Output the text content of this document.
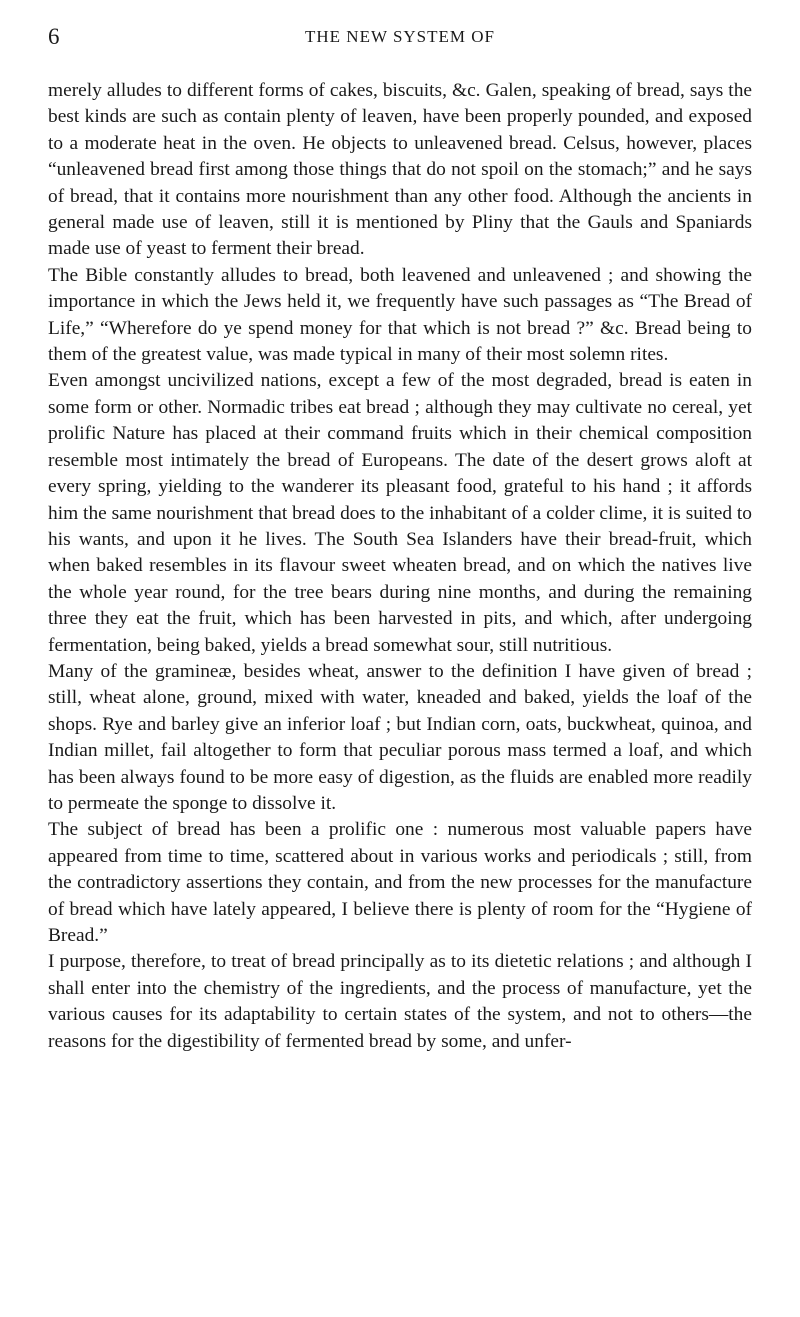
6	THE NEW SYSTEM OF

merely alludes to different forms of cakes, biscuits, &c. Galen, speaking of bread, says the best kinds are such as contain plenty of leaven, have been properly pounded, and exposed to a moderate heat in the oven. He objects to unleavened bread. Celsus, however, places “unleavened bread first among those things that do not spoil on the stomach;” and he says of bread, that it contains more nourishment than any other food. Although the ancients in general made use of leaven, still it is mentioned by Pliny that the Gauls and Spaniards made use of yeast to ferment their bread.

The Bible constantly alludes to bread, both leavened and unleavened ; and showing the importance in which the Jews held it, we frequently have such passages as “The Bread of Life,” “Wherefore do ye spend money for that which is not bread ?” &c. Bread being to them of the greatest value, was made typical in many of their most solemn rites.

Even amongst uncivilized nations, except a few of the most degraded, bread is eaten in some form or other. Normadic tribes eat bread ; although they may cultivate no cereal, yet prolific Nature has placed at their command fruits which in their chemical composition resemble most intimately the bread of Europeans. The date of the desert grows aloft at every spring, yielding to the wanderer its pleasant food, grateful to his hand ; it affords him the same nourishment that bread does to the inhabitant of a colder clime, it is suited to his wants, and upon it he lives. The South Sea Islanders have their bread-fruit, which when baked resembles in its flavour sweet wheaten bread, and on which the natives live the whole year round, for the tree bears during nine months, and during the remaining three they eat the fruit, which has been harvested in pits, and which, after undergoing fermentation, being baked, yields a bread somewhat sour, still nutritious.

Many of the gramineæ, besides wheat, answer to the definition I have given of bread ; still, wheat alone, ground, mixed with water, kneaded and baked, yields the loaf of the shops. Rye and barley give an inferior loaf ; but Indian corn, oats, buckwheat, quinoa, and Indian millet, fail altogether to form that peculiar porous mass termed a loaf, and which has been always found to be more easy of digestion, as the fluids are enabled more readily to permeate the sponge to dissolve it.

The subject of bread has been a prolific one : numerous most valuable papers have appeared from time to time, scattered about in various works and periodicals ; still, from the contradictory assertions they contain, and from the new processes for the manufacture of bread which have lately appeared, I believe there is plenty of room for the “Hygiene of Bread.”

I purpose, therefore, to treat of bread principally as to its dietetic relations ; and although I shall enter into the chemistry of the ingredients, and the process of manufacture, yet the various causes for its adaptability to certain states of the system, and not to others—the reasons for the digestibility of fermented bread by some, and unfer-
